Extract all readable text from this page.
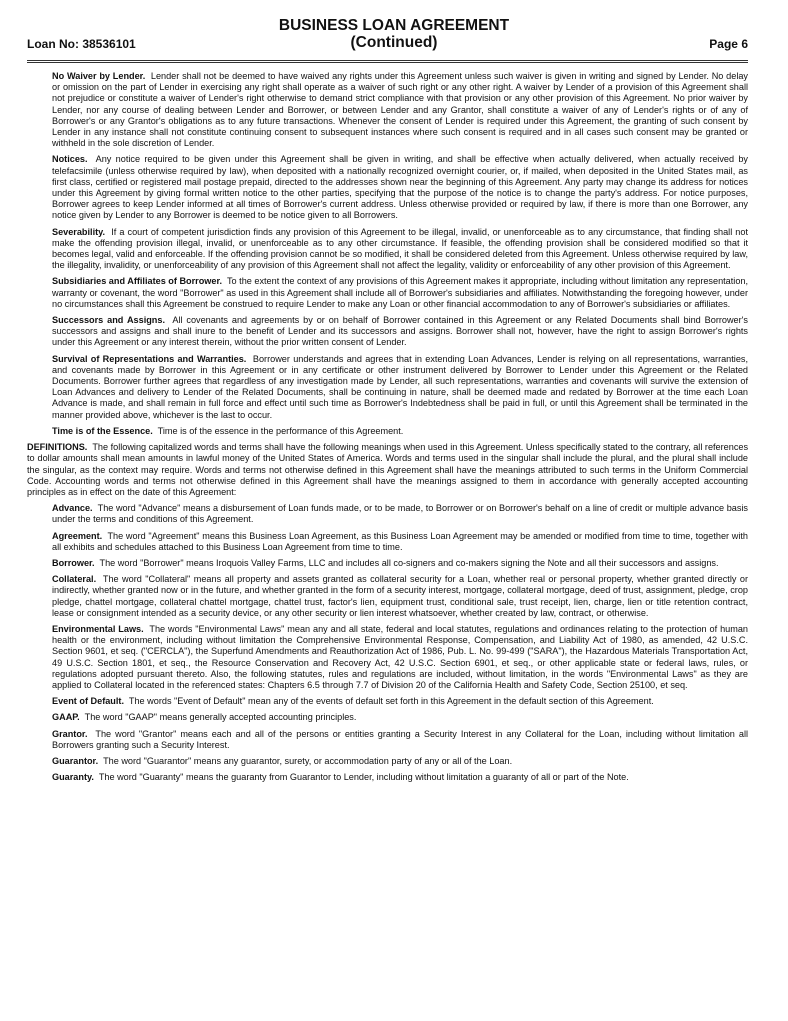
Loan No: 38536101
BUSINESS LOAN AGREEMENT
(Continued)	Page 6

No Waiver by Lender. Lender shall not be deemed to have waived any rights under this Agreement unless such waiver is given in writing and signed by Lender. No delay or omission on the part of Lender in exercising any right shall operate as a waiver of such right or any other right. A waiver by Lender of a provision of this Agreement shall not prejudice or constitute a waiver of Lender's right otherwise to demand strict compliance with that provision or any other provision of this Agreement. No prior waiver by Lender, nor any course of dealing between Lender and Borrower, or between Lender and any Grantor, shall constitute a waiver of any of Lender's rights or of any of Borrower's or any Grantor's obligations as to any future transactions. Whenever the consent of Lender is required under this Agreement, the granting of such consent by Lender in any instance shall not constitute continuing consent to subsequent instances where such consent is required and in all cases such consent may be granted or withheld in the sole discretion of Lender.

Notices. Any notice required to be given under this Agreement shall be given in writing, and shall be effective when actually delivered, when actually received by telefacsimile (unless otherwise required by law), when deposited with a nationally recognized overnight courier, or, if mailed, when deposited in the United States mail, as first class, certified or registered mail postage prepaid, directed to the addresses shown near the beginning of this Agreement. Any party may change its address for notices under this Agreement by giving formal written notice to the other parties, specifying that the purpose of the notice is to change the party's address. For notice purposes, Borrower agrees to keep Lender informed at all times of Borrower's current address. Unless otherwise provided or required by law, if there is more than one Borrower, any notice given by Lender to any Borrower is deemed to be notice given to all Borrowers.

Severability. If a court of competent jurisdiction finds any provision of this Agreement to be illegal, invalid, or unenforceable as to any circumstance, that finding shall not make the offending provision illegal, invalid, or unenforceable as to any other circumstance. If feasible, the offending provision shall be considered modified so that it becomes legal, valid and enforceable. If the offending provision cannot be so modified, it shall be considered deleted from this Agreement. Unless otherwise required by law, the illegality, invalidity, or unenforceability of any provision of this Agreement shall not affect the legality, validity or enforceability of any other provision of this Agreement.

Subsidiaries and Affiliates of Borrower. To the extent the context of any provisions of this Agreement makes it appropriate, including without limitation any representation, warranty or covenant, the word "Borrower" as used in this Agreement shall include all of Borrower's subsidiaries and affiliates. Notwithstanding the foregoing however, under no circumstances shall this Agreement be construed to require Lender to make any Loan or other financial accommodation to any of Borrower's subsidiaries or affiliates.

Successors and Assigns. All covenants and agreements by or on behalf of Borrower contained in this Agreement or any Related Documents shall bind Borrower's successors and assigns and shall inure to the benefit of Lender and its successors and assigns. Borrower shall not, however, have the right to assign Borrower's rights under this Agreement or any interest therein, without the prior written consent of Lender.

Survival of Representations and Warranties. Borrower understands and agrees that in extending Loan Advances, Lender is relying on all representations, warranties, and covenants made by Borrower in this Agreement or in any certificate or other instrument delivered by Borrower to Lender under this Agreement or the Related Documents. Borrower further agrees that regardless of any investigation made by Lender, all such representations, warranties and covenants will survive the extension of Loan Advances and delivery to Lender of the Related Documents, shall be continuing in nature, shall be deemed made and redated by Borrower at the time each Loan Advance is made, and shall remain in full force and effect until such time as Borrower's Indebtedness shall be paid in full, or until this Agreement shall be terminated in the manner provided above, whichever is the last to occur.

Time is of the Essence. Time is of the essence in the performance of this Agreement.

DEFINITIONS. The following capitalized words and terms shall have the following meanings when used in this Agreement. Unless specifically stated to the contrary, all references to dollar amounts shall mean amounts in lawful money of the United States of America. Words and terms used in the singular shall include the plural, and the plural shall include the singular, as the context may require. Words and terms not otherwise defined in this Agreement shall have the meanings attributed to such terms in the Uniform Commercial Code. Accounting words and terms not otherwise defined in this Agreement shall have the meanings assigned to them in accordance with generally accepted accounting principles as in effect on the date of this Agreement:

Advance. The word "Advance" means a disbursement of Loan funds made, or to be made, to Borrower or on Borrower's behalf on a line of credit or multiple advance basis under the terms and conditions of this Agreement.

Agreement. The word "Agreement" means this Business Loan Agreement, as this Business Loan Agreement may be amended or modified from time to time, together with all exhibits and schedules attached to this Business Loan Agreement from time to time.

Borrower. The word "Borrower" means Iroquois Valley Farms, LLC and includes all co-signers and co-makers signing the Note and all their successors and assigns.

Collateral. The word "Collateral" means all property and assets granted as collateral security for a Loan, whether real or personal property, whether granted directly or indirectly, whether granted now or in the future, and whether granted in the form of a security interest, mortgage, collateral mortgage, deed of trust, assignment, pledge, crop pledge, chattel mortgage, collateral chattel mortgage, chattel trust, factor's lien, equipment trust, conditional sale, trust receipt, lien, charge, lien or title retention contract, lease or consignment intended as a security device, or any other security or lien interest whatsoever, whether created by law, contract, or otherwise.

Environmental Laws. The words "Environmental Laws" mean any and all state, federal and local statutes, regulations and ordinances relating to the protection of human health or the environment, including without limitation the Comprehensive Environmental Response, Compensation, and Liability Act of 1980, as amended, 42 U.S.C. Section 9601, et seq. ("CERCLA"), the Superfund Amendments and Reauthorization Act of 1986, Pub. L. No. 99-499 ("SARA"), the Hazardous Materials Transportation Act, 49 U.S.C. Section 1801, et seq., the Resource Conservation and Recovery Act, 42 U.S.C. Section 6901, et seq., or other applicable state or federal laws, rules, or regulations adopted pursuant thereto. Also, the following statutes, rules and regulations are included, without limitation, in the words "Environmental Laws" as they are applied to Collateral located in the referenced states: Chapters 6.5 through 7.7 of Division 20 of the California Health and Safety Code, Section 25100, et seq.

Event of Default. The words "Event of Default" mean any of the events of default set forth in this Agreement in the default section of this Agreement.

GAAP. The word "GAAP" means generally accepted accounting principles.

Grantor. The word "Grantor" means each and all of the persons or entities granting a Security Interest in any Collateral for the Loan, including without limitation all Borrowers granting such a Security Interest.

Guarantor. The word "Guarantor" means any guarantor, surety, or accommodation party of any or all of the Loan.

Guaranty. The word "Guaranty" means the guaranty from Guarantor to Lender, including without limitation a guaranty of all or part of the Note.
